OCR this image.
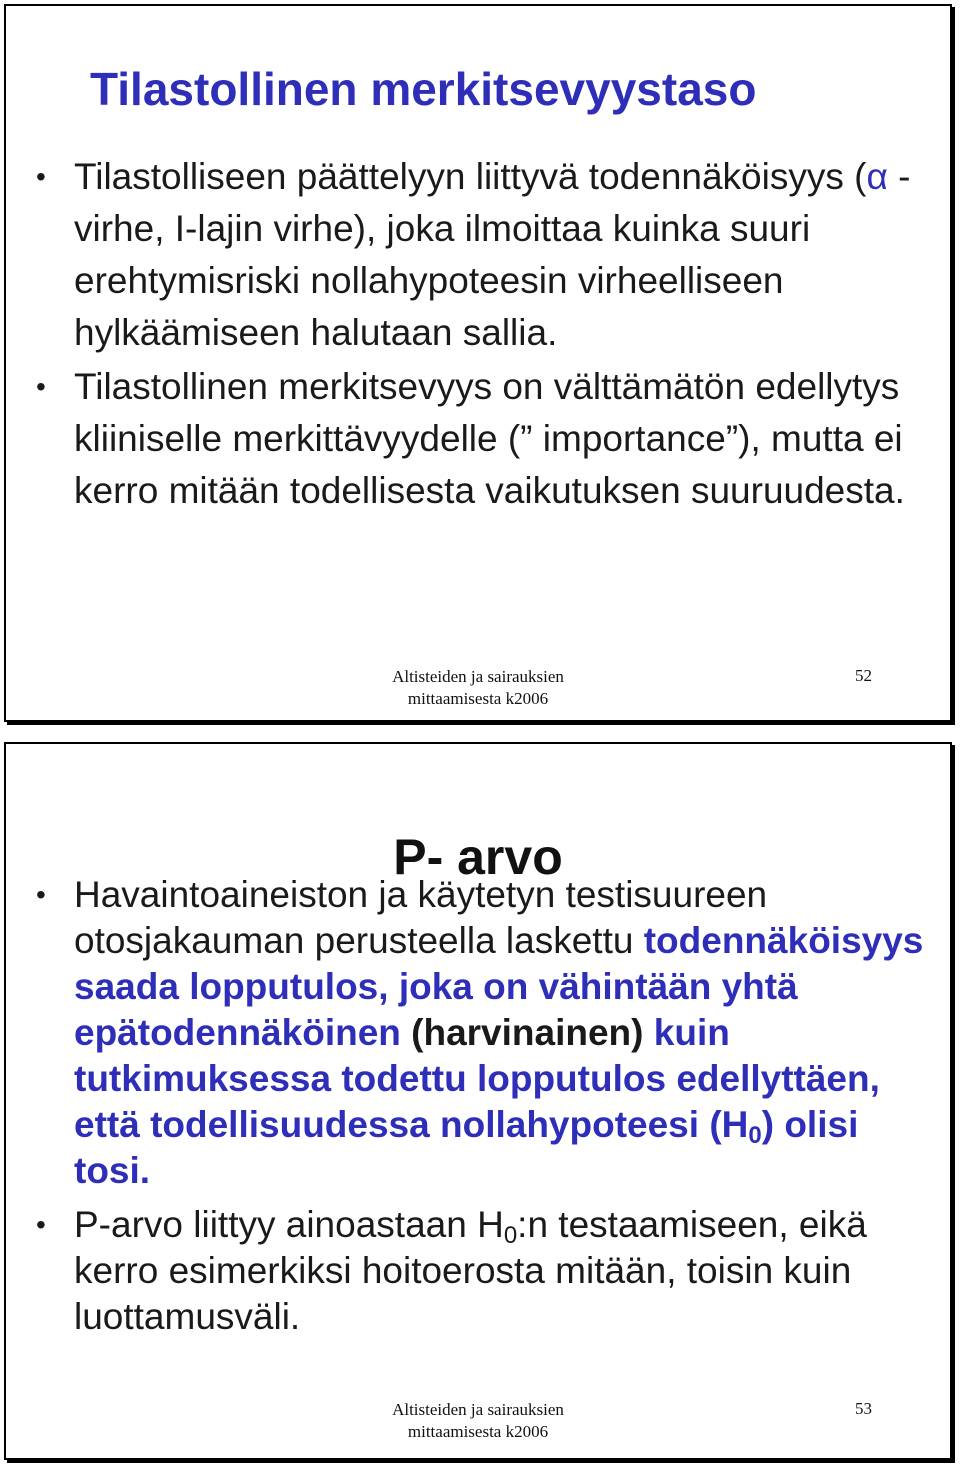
Tilastollinen merkitsevyystaso
• Tilastolliseen päättelyyn liittyvä todennäköisyys (α -virhe, I-lajin virhe), joka ilmoittaa kuinka suuri erehtymisriski nollahypoteesin virheelliseen hylkäämiseen halutaan sallia.
• Tilastollinen merkitsevyys on välttämätön edellytys kliiniselle merkittävyydelle (” importance”), mutta ei kerro mitään todellisesta vaikutuksen suuruudesta.
Altisteiden ja sairauksien
mittaamisesta k2006
52
P- arvo
• Havaintoaineiston ja käytetyn testisuureen otosjakauman perusteella laskettu todennäköisyys saada lopputulos, joka on vähintään yhtä epätodennäköinen (harvinainen) kuin tutkimuksessa todettu lopputulos edellyttäen, että todellisuudessa nollahypoteesi $(H_0)$ olisi tosi.
• P-arvo liittyy ainoastaan $H_0:n$ testaamiseen, eikä kerro esimerkiksi hoitoerosta mitään, toisin kuin luottamusväli.
Altisteiden ja sairauksien
mittaamisesta k2006
53
